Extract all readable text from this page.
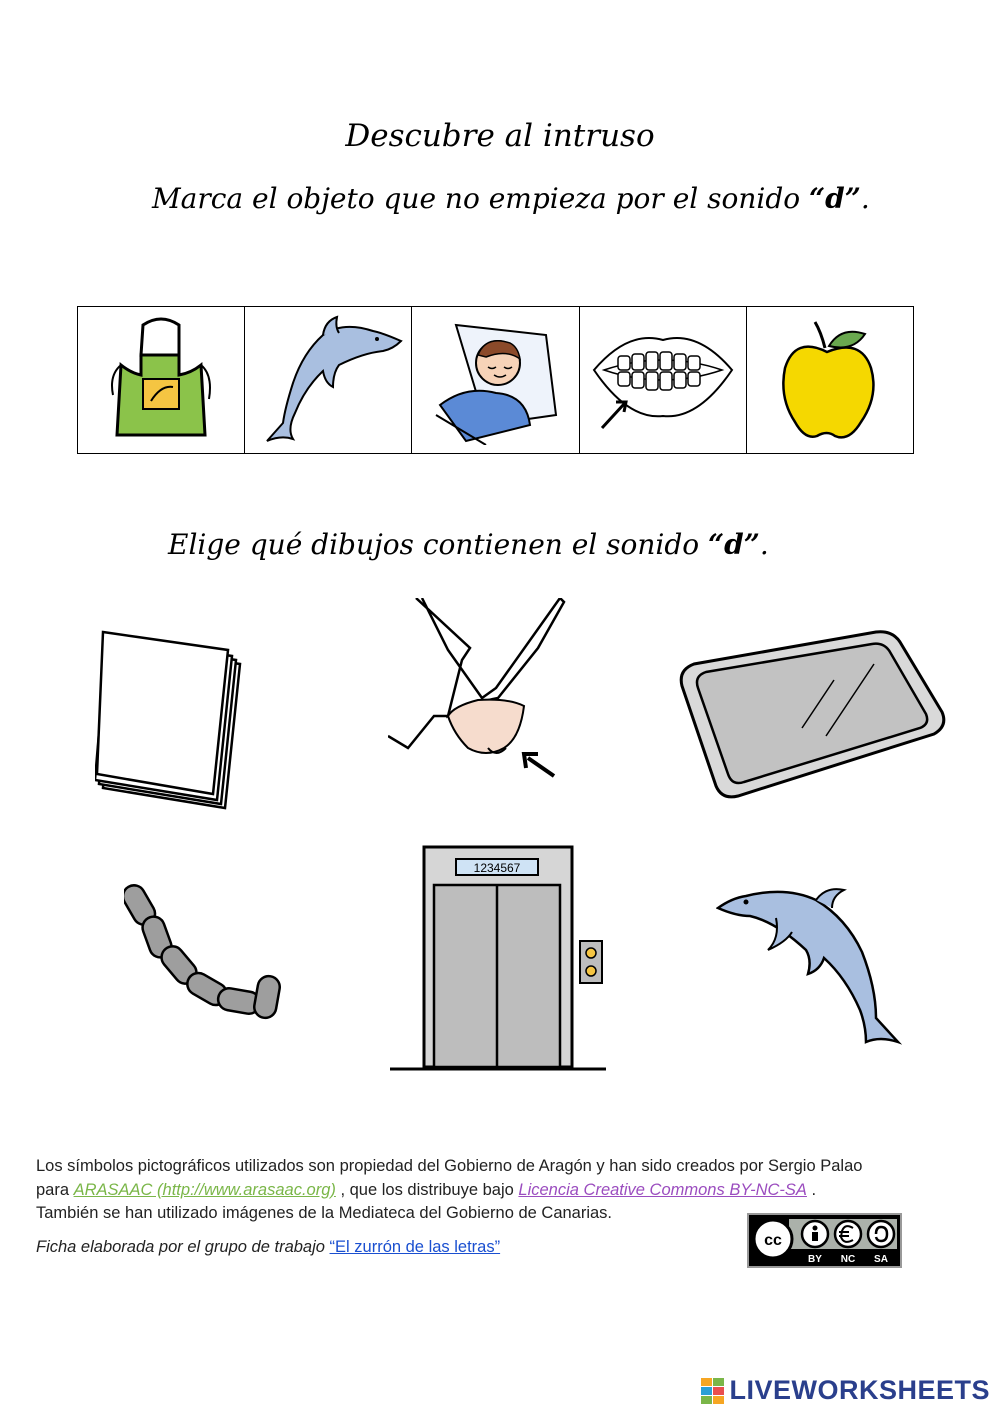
Descubre al intruso
Marca el objeto que no empieza por el sonido “d”.
Elige qué dibujos contienen el sonido “d”.
1234567
Los símbolos pictográficos utilizados son propiedad del Gobierno de Aragón y han sido creados por Sergio Palao
para ARASAAC (http://www.arasaac.org) , que los distribuye bajo Licencia Creative Commons BY-NC-SA .
También se han utilizado imágenes de la Mediateca del Gobierno de Canarias.
Ficha elaborada por el grupo de trabajo “El zurrón de las letras”	cc
BY NC SA
LIVEWORKSHEETS
